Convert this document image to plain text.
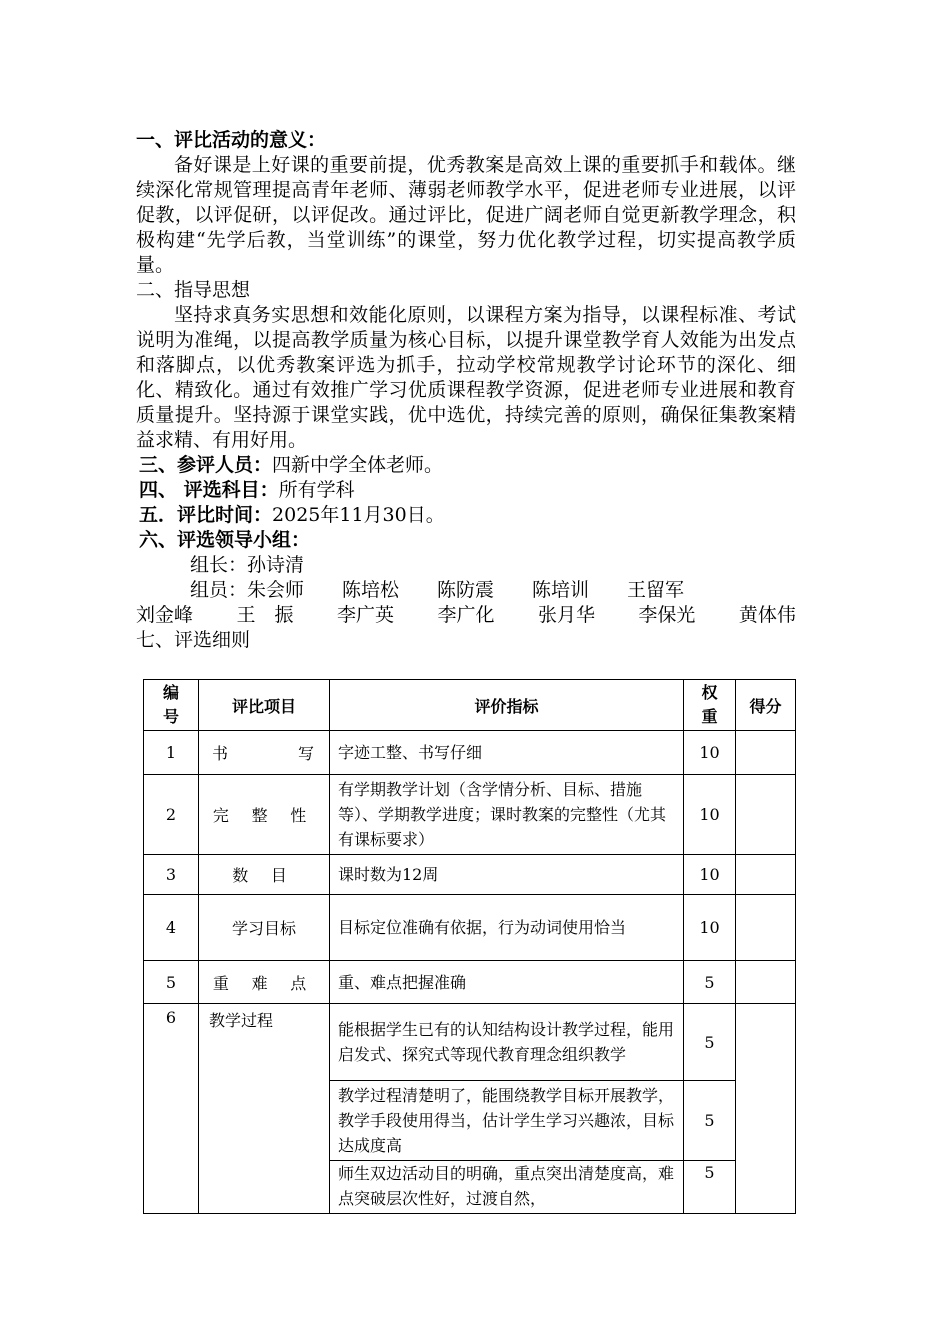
一、评比活动的意义：
备好课是上好课的重要前提，优秀教案是高效上课的重要抓手和载体。继续深化常规管理提高青年老师、薄弱老师教学水平，促进老师专业进展，以评促教，以评促研，以评促改。通过评比，促进广阔老师自觉更新教学理念，积极构建“先学后教，当堂训练”的课堂，努力优化教学过程，切实提高教学质量。
二、指导思想
坚持求真务实思想和效能化原则，以课程方案为指导，以课程标准、考试说明为准绳，以提高教学质量为核心目标，以提升课堂教学育人效能为出发点和落脚点，以优秀教案评选为抓手，拉动学校常规教学讨论环节的深化、细化、精致化。通过有效推广学习优质课程教学资源，促进老师专业进展和教育质量提升。坚持源于课堂实践，优中选优，持续完善的原则，确保征集教案精益求精、有用好用。
三、参评人员：四新中学全体老师。
四、 评选科目：所有学科
五．评比时间：2025年11月30日。
六、评选领导小组：
组长：孙诗清
组员：朱会师　　陈培松　　陈防震　　陈培训　　王留军
刘金峰 王　振 李广英 李广化 张月华 李保光 黄体伟
七、评选细则
编号	评比项目	评价指标	权重	得分
1	书 写	字迹工整、书写仔细	10	
2	完 整 性	有学期教学计划（含学情分析、目标、措施等）、学期教学进度；课时教案的完整性（尤其有课标要求）	10	
3	数 目	课时数为12周	10	
4	学习目标	目标定位准确有依据，行为动词使用恰当	10	
5	重 难 点	重、难点把握准确	5	
6	教学过程	能根据学生已有的认知结构设计教学过程，能用启发式、探究式等现代教育理念组织教学	5	
		教学过程清楚明了，能围绕教学目标开展教学，教学手段使用得当，估计学生学习兴趣浓，目标达成度高	5	
		师生双边活动目的明确，重点突出清楚度高，难点突破层次性好，过渡自然，	5	
